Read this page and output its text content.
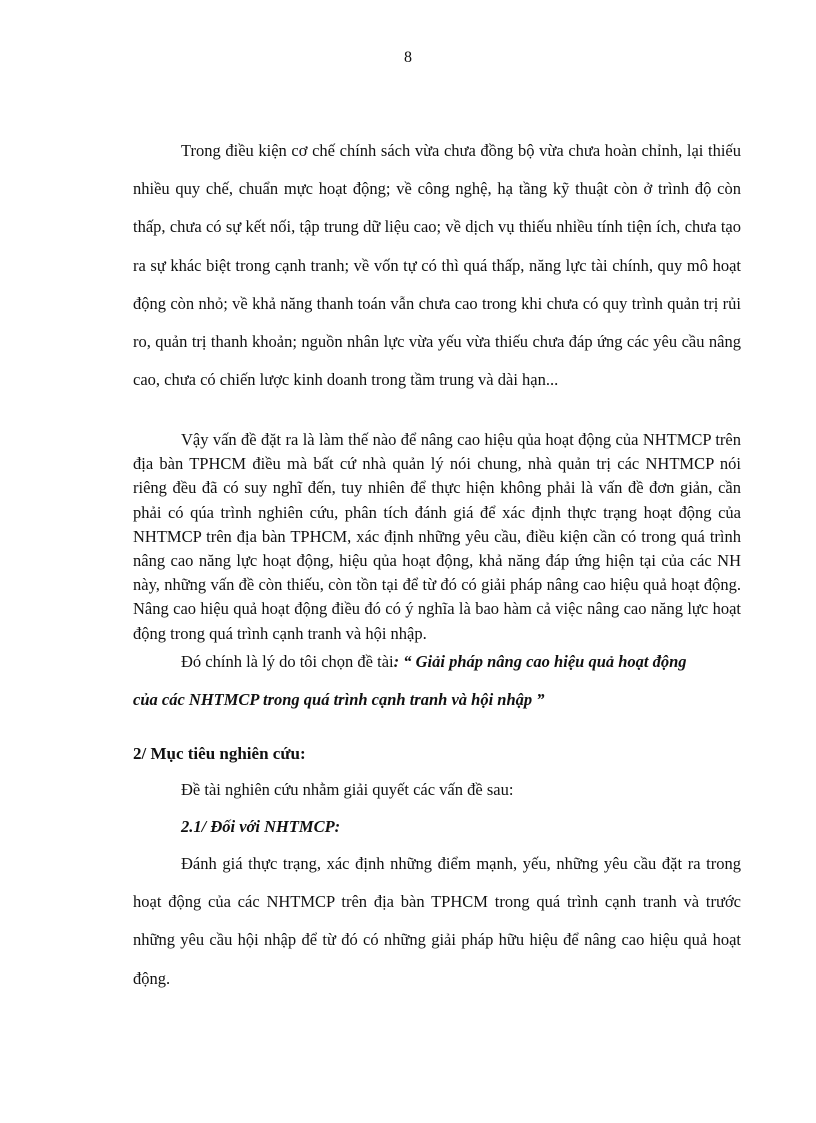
8

Trong điều kiện cơ chế chính sách vừa chưa đồng bộ vừa chưa hoàn chỉnh, lại thiếu nhiều quy chế, chuẩn mực hoạt động; về công nghệ, hạ tầng kỹ thuật còn ở trình độ còn thấp, chưa có sự kết nối, tập trung dữ liệu cao; về dịch vụ thiếu nhiều tính tiện ích, chưa tạo ra sự khác biệt trong cạnh tranh; về vốn tự có thì quá thấp, năng lực tài chính, quy mô hoạt động còn nhỏ; về khả năng thanh toán vẫn chưa cao trong khi chưa có quy trình quản trị rủi ro, quản trị thanh khoản; nguồn nhân lực vừa yếu vừa thiếu chưa đáp ứng các yêu cầu nâng cao, chưa có chiến lược kinh doanh trong tầm trung và dài hạn...

Vậy vấn đề đặt ra là làm thế nào để nâng cao hiệu qủa hoạt động của NHTMCP trên địa bàn TPHCM điều mà bất cứ nhà quản lý nói chung, nhà quản trị các NHTMCP nói riêng đều đã có suy nghĩ đến, tuy nhiên để thực hiện không phải là vấn đề đơn giản, cần phải có qúa trình nghiên cứu, phân tích đánh giá để xác định thực trạng hoạt động của NHTMCP trên địa bàn TPHCM, xác định những yêu cầu, điều kiện cần có trong quá trình nâng cao năng lực hoạt động, hiệu qủa hoạt động, khả năng đáp ứng hiện tại của các NH này, những vấn đề còn thiếu, còn tồn tại để từ đó có giải pháp nâng cao hiệu quả hoạt động. Nâng cao hiệu quả hoạt động điều đó có ý nghĩa là bao hàm cả việc nâng cao năng lực hoạt động trong quá trình cạnh tranh và hội nhập.

Đó chính là lý do tôi chọn đề tài: “ Giải pháp nâng cao hiệu quả hoạt động

của các NHTMCP trong quá trình cạnh tranh và hội nhập ”

2/ Mục tiêu nghiên cứu:

Đề tài nghiên cứu nhằm giải quyết các vấn đề sau:

2.1/ Đối với NHTMCP:

Đánh giá thực trạng, xác định những điểm mạnh, yếu, những yêu cầu đặt ra trong hoạt động của các NHTMCP trên địa bàn TPHCM trong quá trình cạnh tranh và trước những yêu cầu hội nhập để từ đó có những giải pháp hữu hiệu để nâng cao hiệu quả hoạt động.
